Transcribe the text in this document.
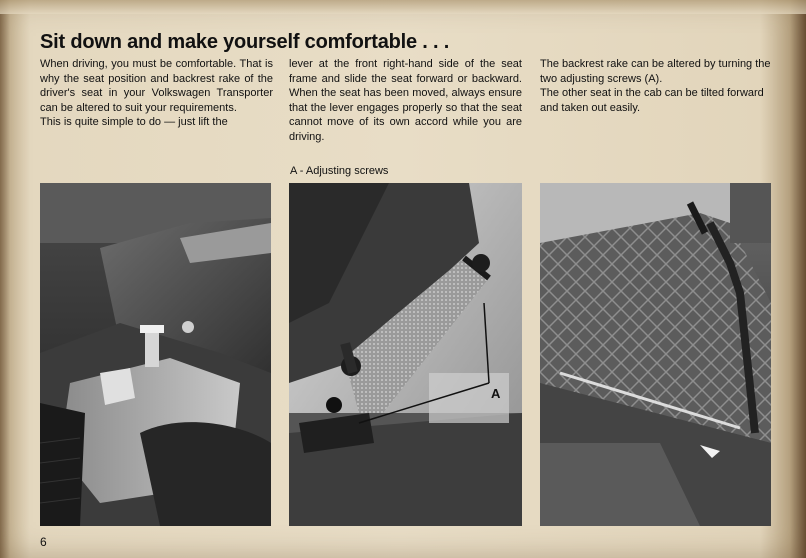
Sit down and make yourself comfortable . . .

When driving, you must be comfortable. That is why the seat position and backrest rake of the driver's seat in your Volkswagen Transporter can be altered to suit your requirements.

This is quite simple to do — just lift the

lever at the front right-hand side of the seat frame and slide the seat forward or backward. When the seat has been moved, always ensure that the lever engages properly so that the seat cannot move of its own accord while you are driving.

The backrest rake can be altered by turning the two adjusting screws (A).

The other seat in the cab can be tilted forward and taken out easily.

A - Adjusting screws
A
6
